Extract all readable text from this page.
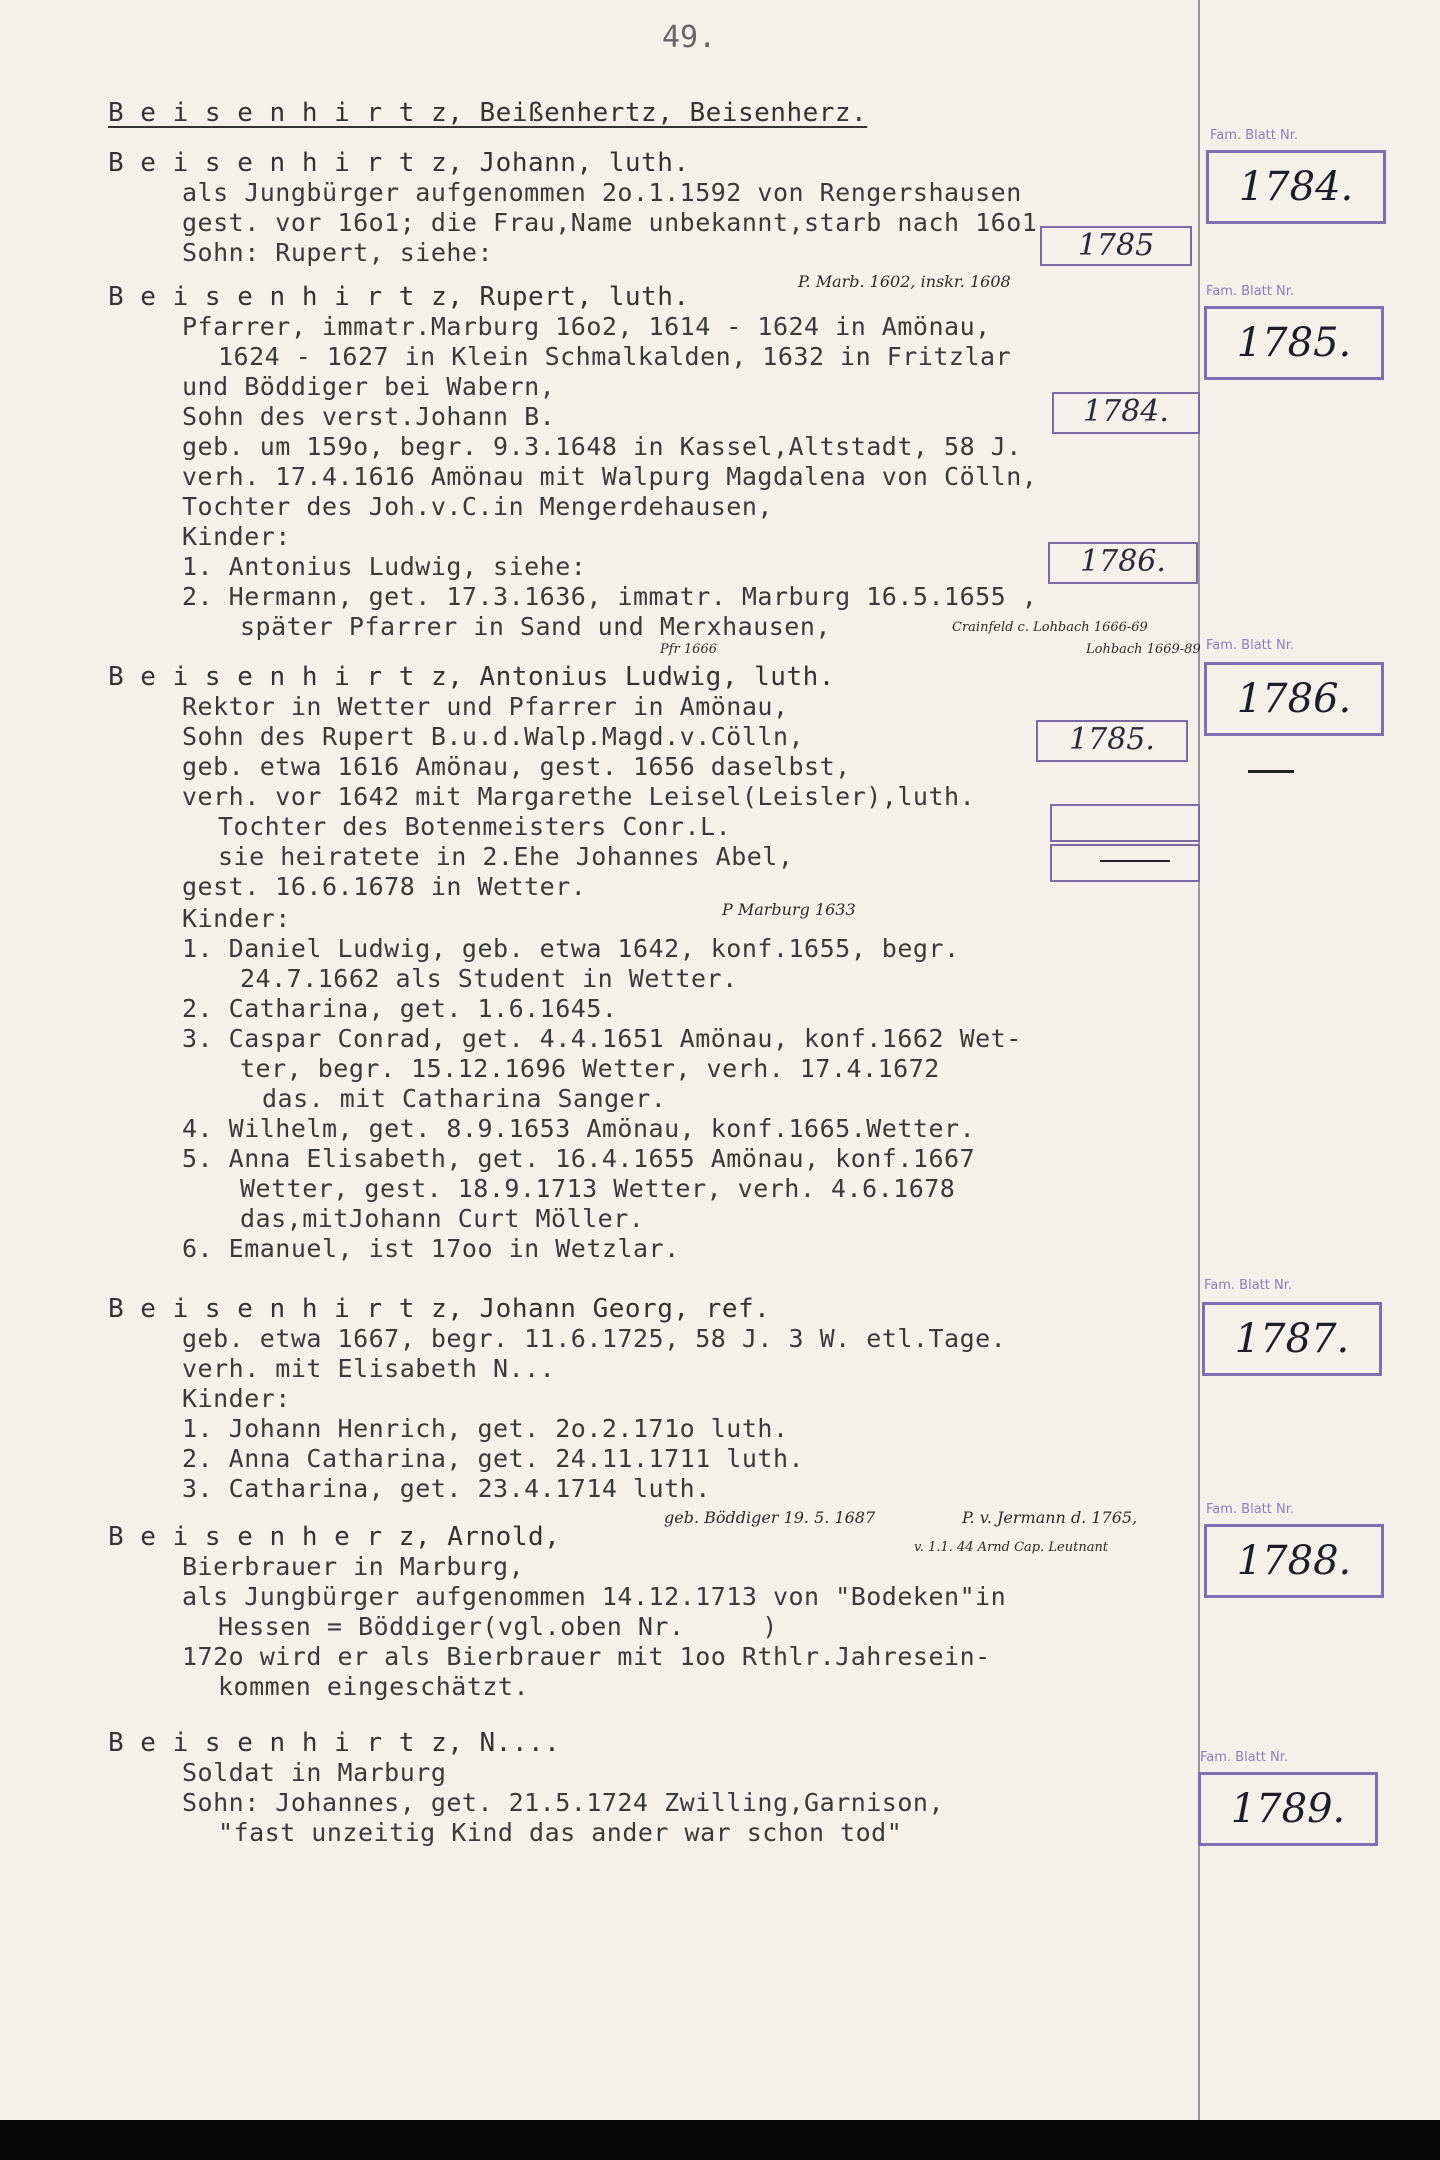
49.
B e i s e n h i r t z, Beißenhertz, Beisenherz.
B e i s e n h i r t z, Johann, luth.
als Jungbürger aufgenommen 2o.1.1592 von Rengershausen
gest. vor 16o1; die Frau,Name unbekannt,starb nach 16o1
Sohn: Rupert, siehe:
B e i s e n h i r t z, Rupert, luth.
Pfarrer, immatr.Marburg 16o2, 1614 - 1624 in Amönau,
1624 - 1627 in Klein Schmalkalden, 1632 in Fritzlar
und Böddiger bei Wabern,
Sohn des verst.Johann B.
geb. um 159o, begr. 9.3.1648 in Kassel,Altstadt, 58 J.
verh. 17.4.1616 Amönau mit Walpurg Magdalena von Cölln,
Tochter des Joh.v.C.in Mengerdehausen,
Kinder:
1. Antonius Ludwig, siehe:
2. Hermann, get. 17.3.1636, immatr. Marburg 16.5.1655 ,
später Pfarrer in Sand und Merxhausen,
B e i s e n h i r t z, Antonius Ludwig, luth.
Rektor in Wetter und Pfarrer in Amönau,
Sohn des Rupert B.u.d.Walp.Magd.v.Cölln,
geb. etwa 1616 Amönau, gest. 1656 daselbst,
verh. vor 1642 mit Margarethe Leisel(Leisler),luth.
Tochter des Botenmeisters Conr.L.
sie heiratete in 2.Ehe Johannes Abel,
gest. 16.6.1678 in Wetter.
Kinder:
1. Daniel Ludwig, geb. etwa 1642, konf.1655, begr.
24.7.1662 als Student in Wetter.
2. Catharina, get. 1.6.1645.
3. Caspar Conrad, get. 4.4.1651 Amönau, konf.1662 Wet-
ter, begr. 15.12.1696 Wetter, verh. 17.4.1672
das. mit Catharina Sanger.
4. Wilhelm, get. 8.9.1653 Amönau, konf.1665.Wetter.
5. Anna Elisabeth, get. 16.4.1655 Amönau, konf.1667
Wetter, gest. 18.9.1713 Wetter, verh. 4.6.1678
das,mitJohann Curt Möller.
6. Emanuel, ist 17oo in Wetzlar.
B e i s e n h i r t z, Johann Georg, ref.
geb. etwa 1667, begr. 11.6.1725, 58 J. 3 W. etl.Tage.
verh. mit Elisabeth N...
Kinder:
1. Johann Henrich, get. 2o.2.171o luth.
2. Anna Catharina, get. 24.11.1711 luth.
3. Catharina, get. 23.4.1714 luth.
B e i s e n h e r z, Arnold,
Bierbrauer in Marburg,
als Jungbürger aufgenommen 14.12.1713 von "Bodeken"in
Hessen = Böddiger(vgl.oben Nr.     )
172o wird er als Bierbrauer mit 1oo Rthlr.Jahresein-
kommen eingeschätzt.
B e i s e n h i r t z, N....
Soldat in Marburg
Sohn: Johannes, get. 21.5.1724 Zwilling,Garnison,
"fast unzeitig Kind das ander war schon tod"
P. Marb. 1602, inskr. 1608
Pfr 1666
Crainfeld c. Lohbach 1666-69
Lohbach 1669-89
P Marburg 1633
geb. Böddiger 19. 5. 1687	P. v. Jermann d. 1765,
v. 1.1. 44 Arnd Cap. Leutnant
1785
1784.
1786.
1785.
Fam. Blatt Nr.
1784.
Fam. Blatt Nr.
1785.
Fam. Blatt Nr.
1786.
Fam. Blatt Nr.
1787.
Fam. Blatt Nr.
1788.
Fam. Blatt Nr.
1789.
